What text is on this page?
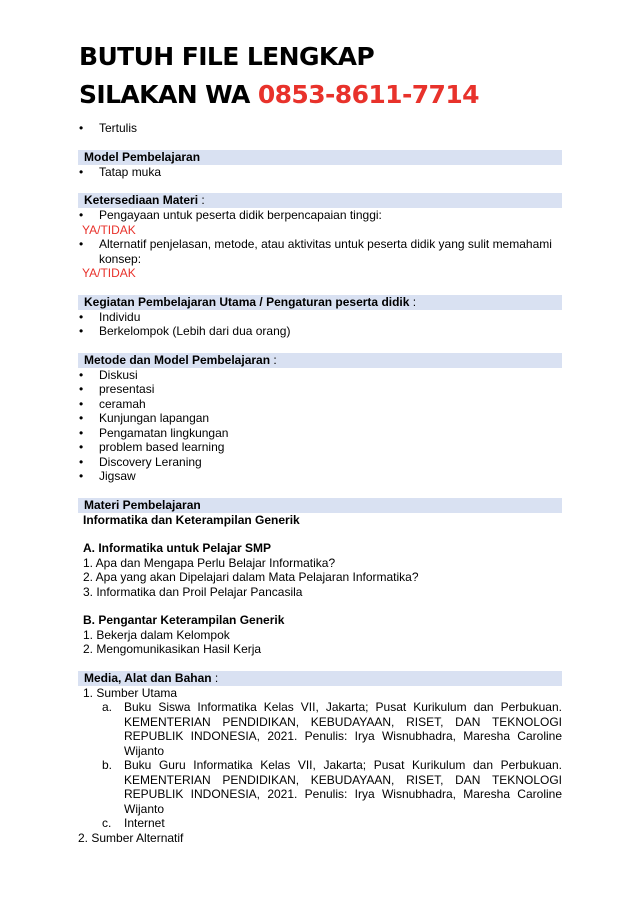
BUTUH FILE LENGKAP
SILAKAN WA 0853-8611-7714
• Tertulis
Model Pembelajaran
• Tatap muka
Ketersediaan Materi :
• Pengayaan untuk peserta didik berpencapaian tinggi:
YA/TIDAK
• Alternatif penjelasan, metode, atau aktivitas untuk peserta didik yang sulit memahami konsep:
YA/TIDAK
Kegiatan Pembelajaran Utama / Pengaturan peserta didik :
• Individu
• Berkelompok (Lebih dari dua orang)
Metode dan Model Pembelajaran :
• Diskusi
• presentasi
• ceramah
• Kunjungan lapangan
• Pengamatan lingkungan
• problem based learning
• Discovery Leraning
• Jigsaw
Materi Pembelajaran
Informatika dan Keterampilan Generik
A. Informatika untuk Pelajar SMP
1. Apa dan Mengapa Perlu Belajar Informatika?
2. Apa yang akan Dipelajari dalam Mata Pelajaran Informatika?
3. Informatika dan Proil Pelajar Pancasila
B. Pengantar Keterampilan Generik
1. Bekerja dalam Kelompok
2. Mengomunikasikan Hasil Kerja
Media, Alat dan Bahan :
1. Sumber Utama
a. Buku Siswa Informatika Kelas VII, Jakarta; Pusat Kurikulum dan Perbukuan. KEMENTERIAN PENDIDIKAN, KEBUDAYAAN, RISET, DAN TEKNOLOGI REPUBLIK INDONESIA, 2021. Penulis: Irya Wisnubhadra, Maresha Caroline Wijanto
b. Buku Guru Informatika Kelas VII, Jakarta; Pusat Kurikulum dan Perbukuan. KEMENTERIAN PENDIDIKAN, KEBUDAYAAN, RISET, DAN TEKNOLOGI REPUBLIK INDONESIA, 2021. Penulis: Irya Wisnubhadra, Maresha Caroline Wijanto
c. Internet
2. Sumber Alternatif
